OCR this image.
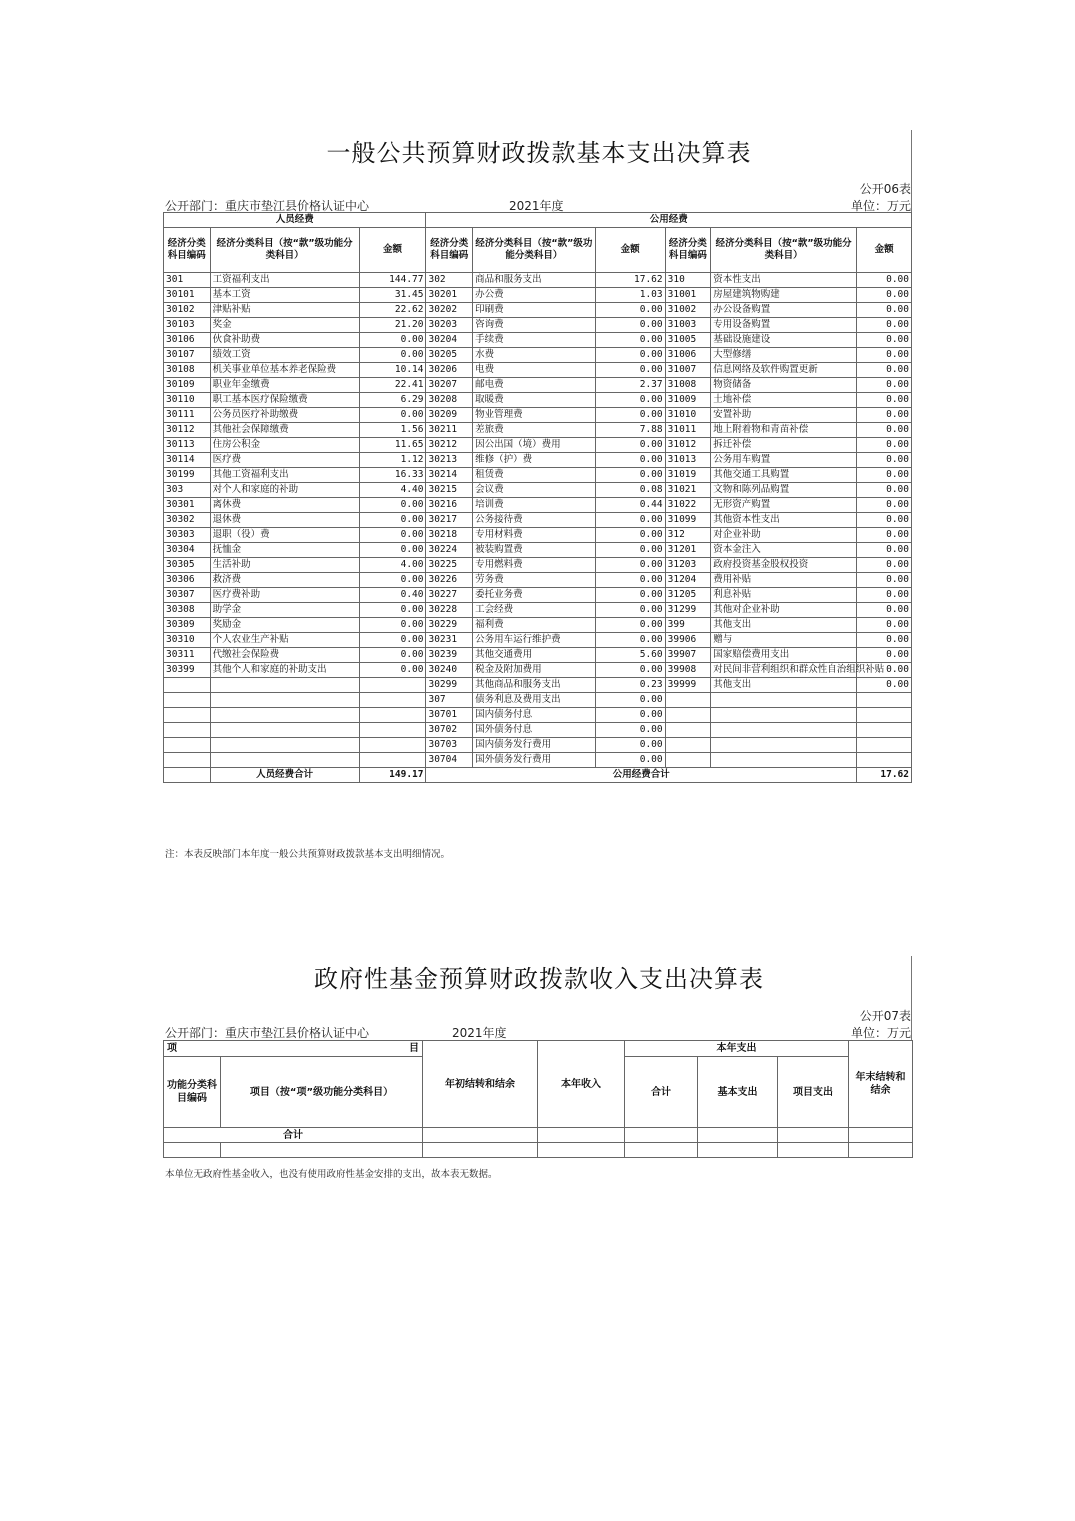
一般公共预算财政拨款基本支出决算表
公开06表
公开部门：重庆市垫江县价格认证中心	2021年度	单位：万元
人员经费			公用经费					
经济分类科目编码	经济分类科目（按“款”级功能分类科目）	金额	经济分类科目编码	经济分类科目（按“款”级功能分类科目）	金额	经济分类科目编码	经济分类科目（按“款”级功能分类科目）	金额
301	工资福利支出	144.77	302	商品和服务支出	17.62	310	资本性支出	0.00
30101	基本工资	31.45	30201	办公费	1.03	31001	房屋建筑物购建	0.00
30102	津贴补贴	22.62	30202	印刷费	0.00	31002	办公设备购置	0.00
30103	奖金	21.20	30203	咨询费	0.00	31003	专用设备购置	0.00
30106	伙食补助费	0.00	30204	手续费	0.00	31005	基础设施建设	0.00
30107	绩效工资	0.00	30205	水费	0.00	31006	大型修缮	0.00
30108	机关事业单位基本养老保险费	10.14	30206	电费	0.00	31007	信息网络及软件购置更新	0.00
30109	职业年金缴费	22.41	30207	邮电费	2.37	31008	物资储备	0.00
30110	职工基本医疗保险缴费	6.29	30208	取暖费	0.00	31009	土地补偿	0.00
30111	公务员医疗补助缴费	0.00	30209	物业管理费	0.00	31010	安置补助	0.00
30112	其他社会保障缴费	1.56	30211	差旅费	7.88	31011	地上附着物和青苗补偿	0.00
30113	住房公积金	11.65	30212	因公出国（境）费用	0.00	31012	拆迁补偿	0.00
30114	医疗费	1.12	30213	维修（护）费	0.00	31013	公务用车购置	0.00
30199	其他工资福利支出	16.33	30214	租赁费	0.00	31019	其他交通工具购置	0.00
303	对个人和家庭的补助	4.40	30215	会议费	0.08	31021	文物和陈列品购置	0.00
30301	离休费	0.00	30216	培训费	0.44	31022	无形资产购置	0.00
30302	退休费	0.00	30217	公务接待费	0.00	31099	其他资本性支出	0.00
30303	退职（役）费	0.00	30218	专用材料费	0.00	312	对企业补助	0.00
30304	抚恤金	0.00	30224	被装购置费	0.00	31201	资本金注入	0.00
30305	生活补助	4.00	30225	专用燃料费	0.00	31203	政府投资基金股权投资	0.00
30306	救济费	0.00	30226	劳务费	0.00	31204	费用补贴	0.00
30307	医疗费补助	0.40	30227	委托业务费	0.00	31205	利息补贴	0.00
30308	助学金	0.00	30228	工会经费	0.00	31299	其他对企业补助	0.00
30309	奖励金	0.00	30229	福利费	0.00	399	其他支出	0.00
30310	个人农业生产补贴	0.00	30231	公务用车运行维护费	0.00	39906	赠与	0.00
30311	代缴社会保险费	0.00	30239	其他交通费用	5.60	39907	国家赔偿费用支出	0.00
30399	其他个人和家庭的补助支出	0.00	30240	税金及附加费用	0.00	39908	对民间非营利组织和群众性自治组织补贴	0.00
			30299	其他商品和服务支出	0.23	39999	其他支出	0.00
			307	债务利息及费用支出	0.00			
			30701	国内债务付息	0.00			
			30702	国外债务付息	0.00			
			30703	国内债务发行费用	0.00			
			30704	国外债务发行费用	0.00			
	人员经费合计	149.17	公用经费合计					17.62
注：本表反映部门本年度一般公共预算财政拨款基本支出明细情况。
政府性基金预算财政拨款收入支出决算表
公开07表
公开部门：重庆市垫江县价格认证中心	2021年度	单位：万元
项 目		年初结转和结余	本年收入	本年支出			年末结转和结余
功能分类科目编码	项目（按“项”级功能分类科目）			合计	基本支出	项目支出	
合计							

本单位无政府性基金收入，也没有使用政府性基金安排的支出，故本表无数据。
